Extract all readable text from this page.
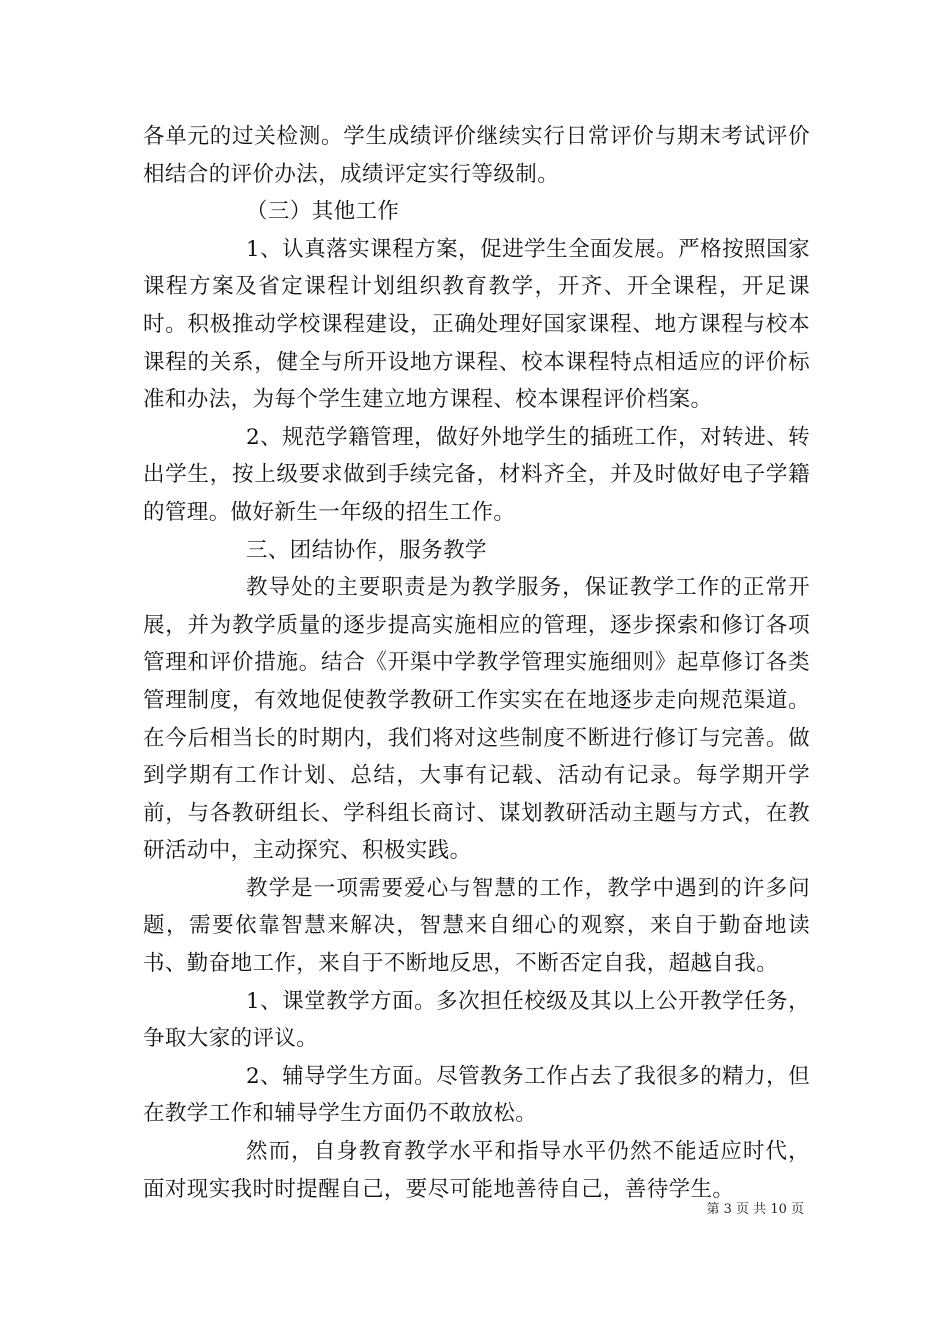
各单元的过关检测。学生成绩评价继续实行日常评价与期末考试评价相结合的评价办法，成绩评定实行等级制。

（三）其他工作

1、认真落实课程方案，促进学生全面发展。严格按照国家课程方案及省定课程计划组织教育教学，开齐、开全课程，开足课时。积极推动学校课程建设，正确处理好国家课程、地方课程与校本课程的关系，健全与所开设地方课程、校本课程特点相适应的评价标准和办法，为每个学生建立地方课程、校本课程评价档案。

2、规范学籍管理，做好外地学生的插班工作，对转进、转出学生，按上级要求做到手续完备，材料齐全，并及时做好电子学籍的管理。做好新生一年级的招生工作。

三、团结协作，服务教学

教导处的主要职责是为教学服务，保证教学工作的正常开展，并为教学质量的逐步提高实施相应的管理，逐步探索和修订各项管理和评价措施。结合《开渠中学教学管理实施细则》起草修订各类管理制度，有效地促使教学教研工作实实在在地逐步走向规范渠道。在今后相当长的时期内，我们将对这些制度不断进行修订与完善。做到学期有工作计划、总结，大事有记载、活动有记录。每学期开学前，与各教研组长、学科组长商讨、谋划教研活动主题与方式，在教研活动中，主动探究、积极实践。

教学是一项需要爱心与智慧的工作，教学中遇到的许多问题，需要依靠智慧来解决，智慧来自细心的观察，来自于勤奋地读书、勤奋地工作，来自于不断地反思，不断否定自我，超越自我。

1、课堂教学方面。多次担任校级及其以上公开教学任务，争取大家的评议。

2、辅导学生方面。尽管教务工作占去了我很多的精力，但在教学工作和辅导学生方面仍不敢放松。

然而，自身教育教学水平和指导水平仍然不能适应时代，面对现实我时时提醒自己，要尽可能地善待自己，善待学生。

第 3 页 共 10 页
